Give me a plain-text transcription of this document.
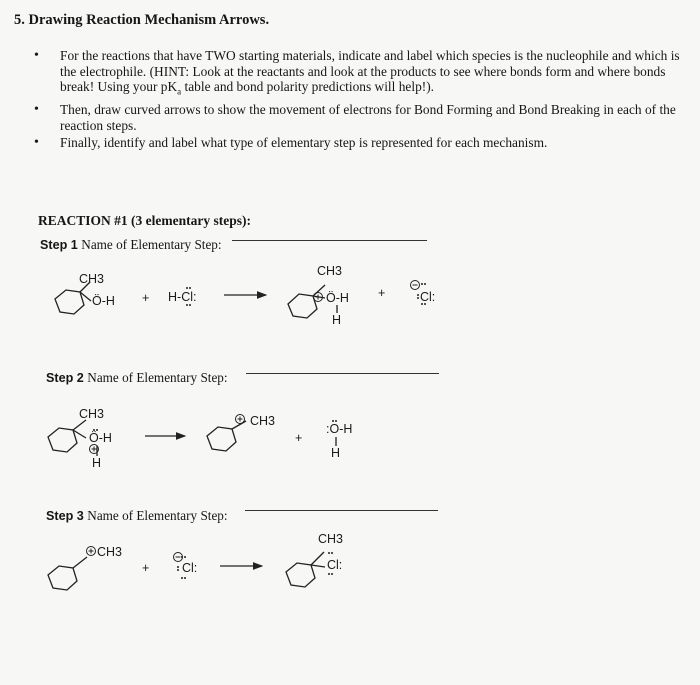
5. Drawing Reaction Mechanism Arrows.
• For the reactions that have TWO starting materials, indicate and label which species is the nucleophile and which is the electrophile. (HINT: Look at the reactants and look at the products to see where bonds form and where bonds break! Using your $pK_a$ table and bond polarity predictions will help!).
• Then, draw curved arrows to show the movement of electrons for Bond Forming and Bond Breaking in each of the reaction steps.
• Finally, identify and label what type of elementary step is represented for each mechanism.
REACTION #1 (3 elementary steps):
Step 1 Name of Elementary Step:
Step 2 Name of Elementary Step:
Step 3 Name of Elementary Step:
CH3
Ö-H + H-Cl:
CH3
Ö-H
H
+	Cl:
CH3
Ö-H
H
CH3
+
:O-H
H
CH3
+	Cl:
CH3
Cl:
